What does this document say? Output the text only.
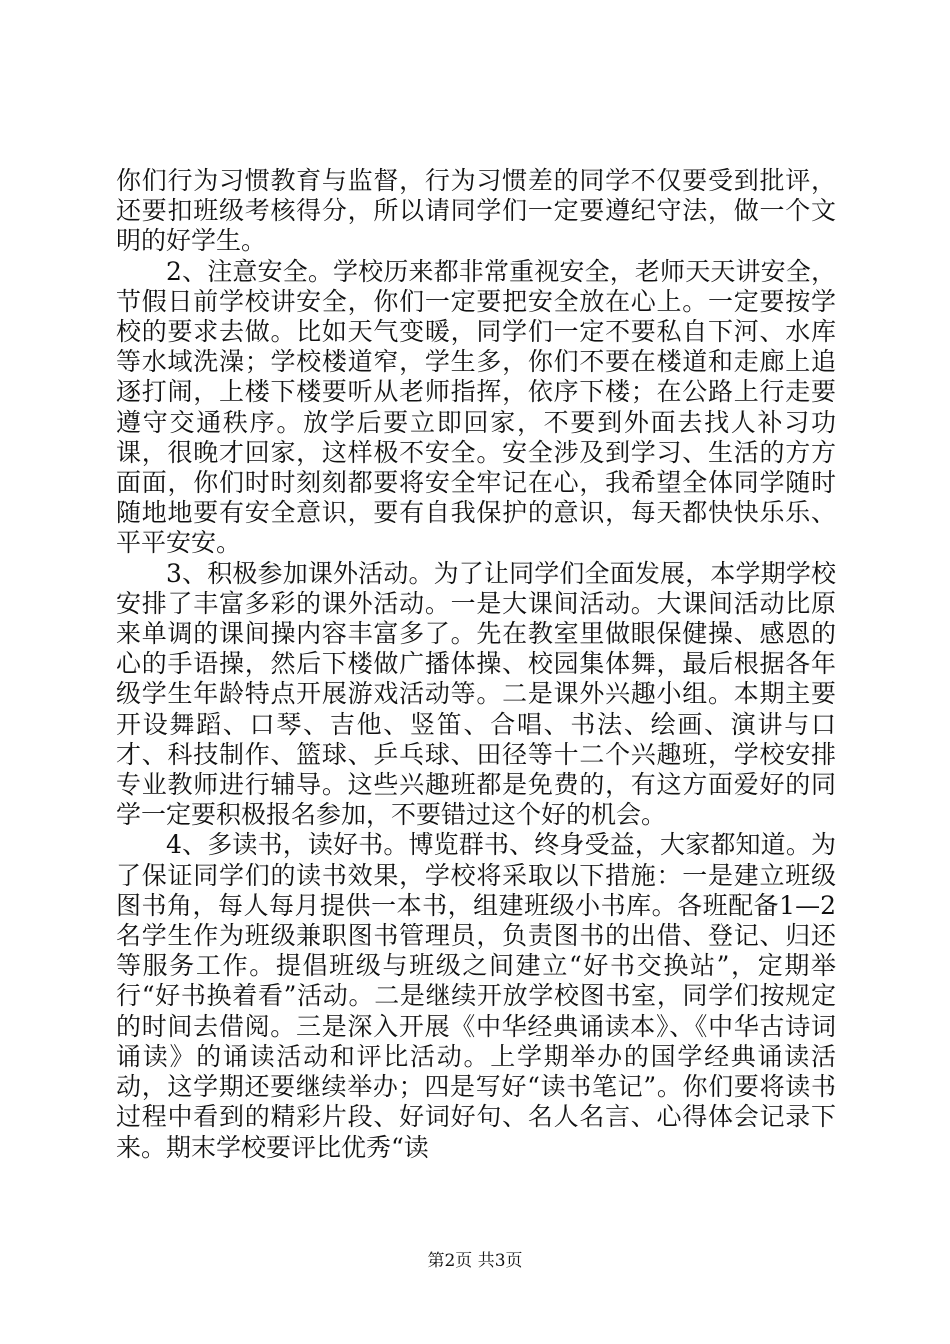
你们行为习惯教育与监督，行为习惯差的同学不仅要受到批评，还要扣班级考核得分，所以请同学们一定要遵纪守法，做一个文明的好学生。

2、注意安全。学校历来都非常重视安全，老师天天讲安全，节假日前学校讲安全，你们一定要把安全放在心上。一定要按学校的要求去做。比如天气变暖，同学们一定不要私自下河、水库等水域洗澡；学校楼道窄，学生多，你们不要在楼道和走廊上追逐打闹，上楼下楼要听从老师指挥，依序下楼；在公路上行走要遵守交通秩序。放学后要立即回家，不要到外面去找人补习功课，很晚才回家，这样极不安全。安全涉及到学习、生活的方方面面，你们时时刻刻都要将安全牢记在心，我希望全体同学随时随地地要有安全意识，要有自我保护的意识，每天都快快乐乐、平平安安。

3、积极参加课外活动。为了让同学们全面发展，本学期学校安排了丰富多彩的课外活动。一是大课间活动。大课间活动比原来单调的课间操内容丰富多了。先在教室里做眼保健操、感恩的心的手语操，然后下楼做广播体操、校园集体舞，最后根据各年级学生年龄特点开展游戏活动等。二是课外兴趣小组。本期主要开设舞蹈、口琴、吉他、竖笛、合唱、书法、绘画、演讲与口才、科技制作、篮球、乒乓球、田径等十二个兴趣班，学校安排专业教师进行辅导。这些兴趣班都是免费的，有这方面爱好的同学一定要积极报名参加，不要错过这个好的机会。

4、多读书，读好书。博览群书、终身受益，大家都知道。为了保证同学们的读书效果，学校将采取以下措施：一是建立班级图书角，每人每月提供一本书，组建班级小书库。各班配备1—2名学生作为班级兼职图书管理员，负责图书的出借、登记、归还等服务工作。提倡班级与班级之间建立“好书交换站”，定期举行“好书换着看”活动。二是继续开放学校图书室，同学们按规定的时间去借阅。三是深入开展《中华经典诵读本》、《中华古诗词诵读》的诵读活动和评比活动。上学期举办的国学经典诵读活动，这学期还要继续举办；四是写好“读书笔记”。你们要将读书过程中看到的精彩片段、好词好句、名人名言、心得体会记录下来。期末学校要评比优秀“读

第2页 共3页
